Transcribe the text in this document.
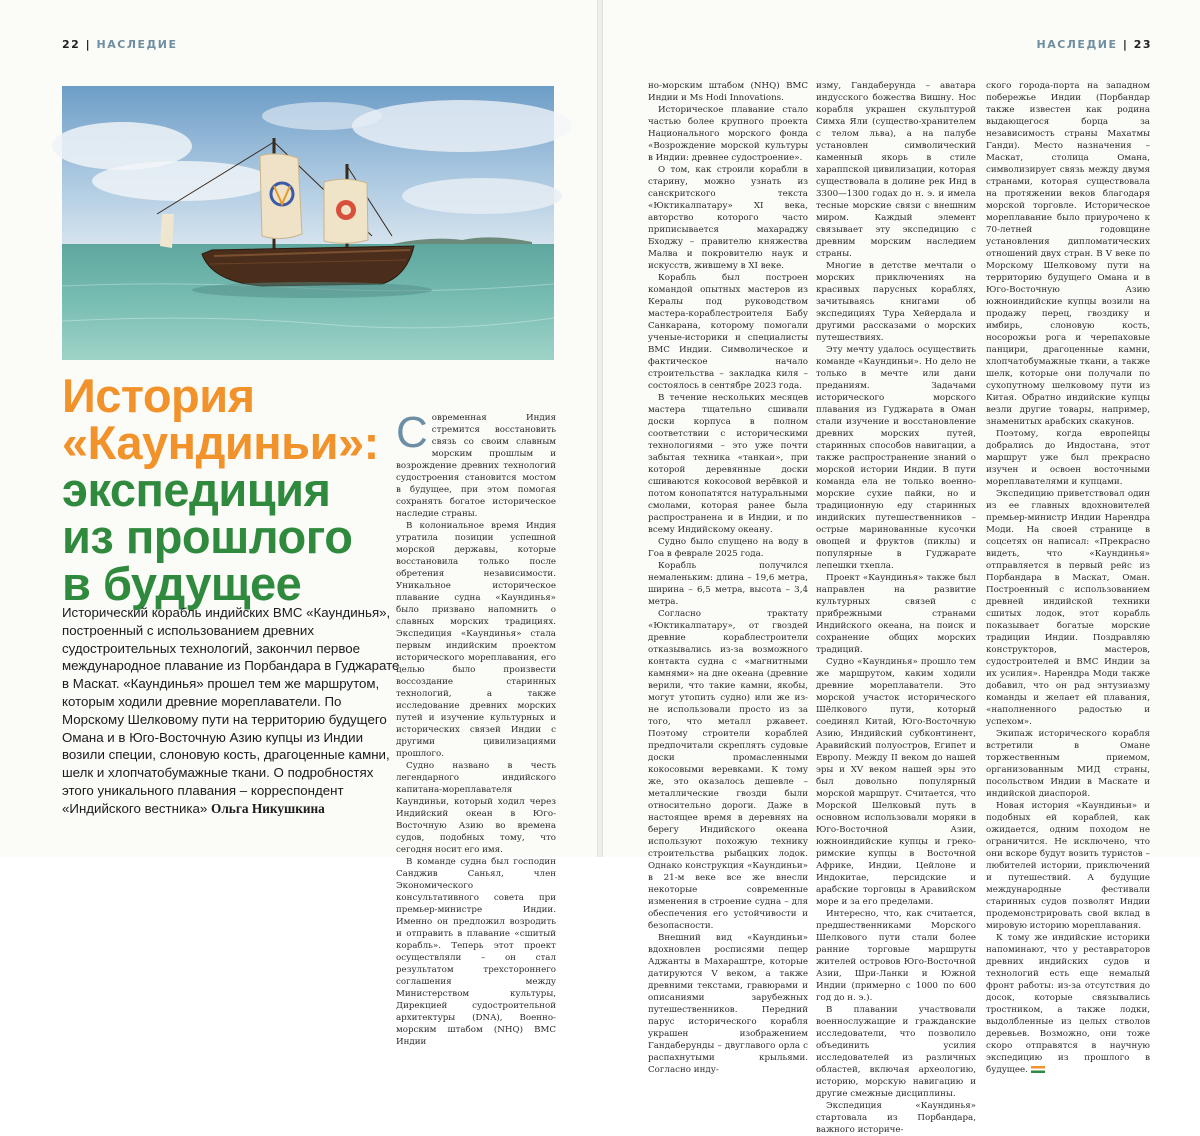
22 | НАСЛЕДИЕ	НАСЛЕДИЕ | 23
История
«Каундиньи»:
экспедиция
из прошлого
в будущее

Исторический корабль индийских ВМС «Каундинья», построенный с использованием древних судостроительных технологий, закончил первое международное плавание из Порбандара в Гуджарате в Маскат. «Каундинья» прошел тем же маршрутом, которым ходили древние мореплаватели. По Морскому Шелковому пути на территорию будущего Омана и в Юго-Восточную Азию купцы из Индии возили специи, слоновую кость, драгоценные камни, шелк и хлопчатобумажные ткани. О подробностях этого уникального плавания – корреспондент «Индийского вестника» Ольга Никушкина

Современная Индия стремится восстановить связь со своим славным морским прошлым и возрождение древних технологий судостроения становится мостом в будущее, при этом помогая сохранять богатое историческое наследие страны.

В колониальное время Индия утратила позиции успешной морской державы, которые восстановила только после обретения независимости. Уникальное историческое плавание судна «Каундинья» было призвано напомнить о славных морских традициях. Экспедиция «Каундинья» стала первым индийским проектом исторического мореплавания, его целью было произвести воссоздание старинных технологий, а также исследование древних морских путей и изучение культурных и исторических связей Индии с другими цивилизациями прошлого.

Судно названо в честь легендарного индийского капитана-мореплавателя Каундиньи, который ходил через Индийский океан в Юго-Восточную Азию во времена судов, подобных тому, что сегодня носит его имя.

В команде судна был господин Санджив Саньял, член Экономического консультативного совета при премьер-министре Индии. Именно он предложил возродить и отправить в плавание «сшитый корабль». Теперь этот проект осуществляли – он стал результатом трехстороннего соглашения между Министерством культуры, Дирекцией судостроительной архитектуры (DNA), Военно-морским штабом (NHQ) ВМС Индии

но-морским штабом (NHQ) ВМС Индии и Ms Hodi Innovations.

Историческое плавание стало частью более крупного проекта Национального морского фонда «Возрождение морской культуры в Индии: древнее судостроение».

О том, как строили корабли в старину, можно узнать из санскритского текста «Юктикалпатару» XI века, авторство которого часто приписывается махараджу Бходжу – правителю княжества Малва и покровителю наук и искусств, жившему в XI веке.

Корабль был построен командой опытных мастеров из Кералы под руководством мастера-кораблестроителя Бабу Санкарана, которому помогали ученые-историки и специалисты ВМС Индии. Символическое и фактическое начало строительства – закладка киля – состоялось в сентябре 2023 года.

В течение нескольких месяцев мастера тщательно сшивали доски корпуса в полном соответствии с историческими технологиями – это уже почти забытая техника «танкаи», при которой деревянные доски сшиваются кокосовой верёвкой и потом конопатятся натуральными смолами, которая ранее была распространена и в Индии, и по всему Индийскому океану.

Судно было спущено на воду в Гоа в феврале 2025 года.

Корабль получился немаленьким: длина – 19,6 метра, ширина – 6,5 метра, высота – 3,4 метра.

Согласно трактату «Юктикалпатару», от гвоздей древние кораблестроители отказывались из-за возможного контакта судна с «магнитными камнями» на дне океана (древние верили, что такие камни, якобы, могут утопить судно) или же из-не использовали просто из за того, что металл ржавеет. Поэтому строители кораблей предпочитали скреплять судовые доски промасленными кокосовыми веревками. К тому же, это оказалось дешевле – металлические гвозди были относительно дороги. Даже в настоящее время в деревнях на берегу Индийского океана используют похожую технику строительства рыбацких лодок. Однако конструкция «Каундиньи» в 21-м веке все же внесли некоторые современные изменения в строение судна – для обеспечения его устойчивости и безопасности.

Внешний вид «Каундиньи» вдохновлен росписями пещер Аджанты в Махараштре, которые датируются V веком, а также древними текстами, гравюрами и описаниями зарубежных путешественников. Передний парус исторического корабля украшен изображением Гандаберунды – двуглавого орла с распахнутыми крыльями. Согласно инду-

изму, Гандаберунда – аватара индусского божества Вишну. Нос корабля украшен скульптурой Симха Яли (существо-хранителем с телом льва), а на палубе установлен символический каменный якорь в стиле хараппской цивилизации, которая существовала в долине рек Инд в 3300—1300 годах до н. э. и имела тесные морские связи с внешним миром. Каждый элемент связывает эту экспедицию с древним морским наследием страны.

Многие в детстве мечтали о морских приключениях на красивых парусных кораблях, зачитываясь книгами об экспедициях Тура Хейердала и другими рассказами о морских путешествиях.

Эту мечту удалось осуществить команде «Каундиньи». Но дело не только в мечте или дани преданиям. Задачами исторического морского плавания из Гуджарата в Оман стали изучение и восстановление древних морских путей, старинных способов навигации, а также распространение знаний о морской истории Индии. В пути команда ела не только военно-морские сухие пайки, но и традиционную еду старинных индийских путешественников – острые маринованные кусочки овощей и фруктов (пиклы) и популярные в Гуджарате лепешки тхепла.

Проект «Каундинья» также был направлен на развитие культурных связей с прибрежными странами Индийского океана, на поиск и сохранение общих морских традиций.

Судно «Каундинья» прошло тем же маршрутом, каким ходили древние мореплаватели. Это морской участок исторического Шёлкового пути, который соединял Китай, Юго-Восточную Азию, Индийский субконтинент, Аравийский полуостров, Египет и Европу. Между II веком до нашей эры и XV веком нашей эры это был довольно популярный морской маршрут. Считается, что Морской Шелковый путь в основном использовали моряки в Юго-Восточной Азии, южноиндийские купцы и греко-римские купцы в Восточной Африке, Индии, Цейлоне и Индокитае, персидские и арабские торговцы в Аравийском море и за его пределами.

Интересно, что, как считается, предшественниками Морского Шелкового пути стали более ранние торговые маршруты жителей островов Юго-Восточной Азии, Шри-Ланки и Южной Индии (примерно с 1000 по 600 год до н. э.).

В плавании участвовали военнослужащие и гражданские исследователи, что позволило объединить усилия исследователей из различных областей, включая археологию, историю, морскую навигацию и другие смежные дисциплины.

Экспедиция «Каундинья» стартовала из Порбандара, важного историче-

ского города-порта на западном побережье Индии (Порбандар также известен как родина выдающегося борца за независимость страны Махатмы Ганди). Место назначения – Маскат, столица Омана, символизирует связь между двумя странами, которая существовала на протяжении веков благодаря морской торговле. Историческое мореплавание было приурочено к 70-летней годовщине установления дипломатических отношений двух стран. В V веке по Морскому Шелковому пути на территорию будущего Омана и в Юго-Восточную Азию южноиндийские купцы возили на продажу перец, гвоздику и имбирь, слоновую кость, носорожьи рога и черепаховые панцири, драгоценные камни, хлопчатобумажные ткани, а также шелк, которые они получали по сухопутному шелковому пути из Китая. Обратно индийские купцы везли другие товары, например, знаменитых арабских скакунов.

Поэтому, когда европейцы добрались до Индостана, этот маршрут уже был прекрасно изучен и освоен восточными мореплавателями и купцами.

Экспедицию приветствовал один из ее главных вдохновителей премьер-министр Индии Нарендра Моди. На своей странице в соцсетях он написал: «Прекрасно видеть, что «Каундинья» отправляется в первый рейс из Порбандара в Маскат, Оман. Построенный с использованием древней индийской техники сшитых лодок, этот корабль показывает богатые морские традиции Индии. Поздравляю конструкторов, мастеров, судостроителей и ВМС Индии за их усилия». Нарендра Моди также добавил, что он рад энтузиазму команды и желает ей плавания, «наполненного радостью и успехом».

Экипаж исторического корабля встретили в Омане торжественным приемом, организованным МИД страны, посольством Индии в Маскате и индийской диаспорой.

Новая история «Каундиньи» и подобных ей кораблей, как ожидается, одним походом не ограничится. Не исключено, что они вскоре будут возить туристов – любителей истории, приключений и путешествий. А будущие международные фестивали старинных судов позволят Индии продемонстрировать свой вклад в мировую историю мореплавания.

К тому же индийские историки напоминают, что у реставраторов древних индийских судов и технологий есть еще немалый фронт работы: из-за отсутствия до досок, которые связывались тростником, а также лодки, выдолбленные из целых стволов деревьев. Возможно, они тоже скоро отправятся в научную экспедицию из прошлого в будущее.
